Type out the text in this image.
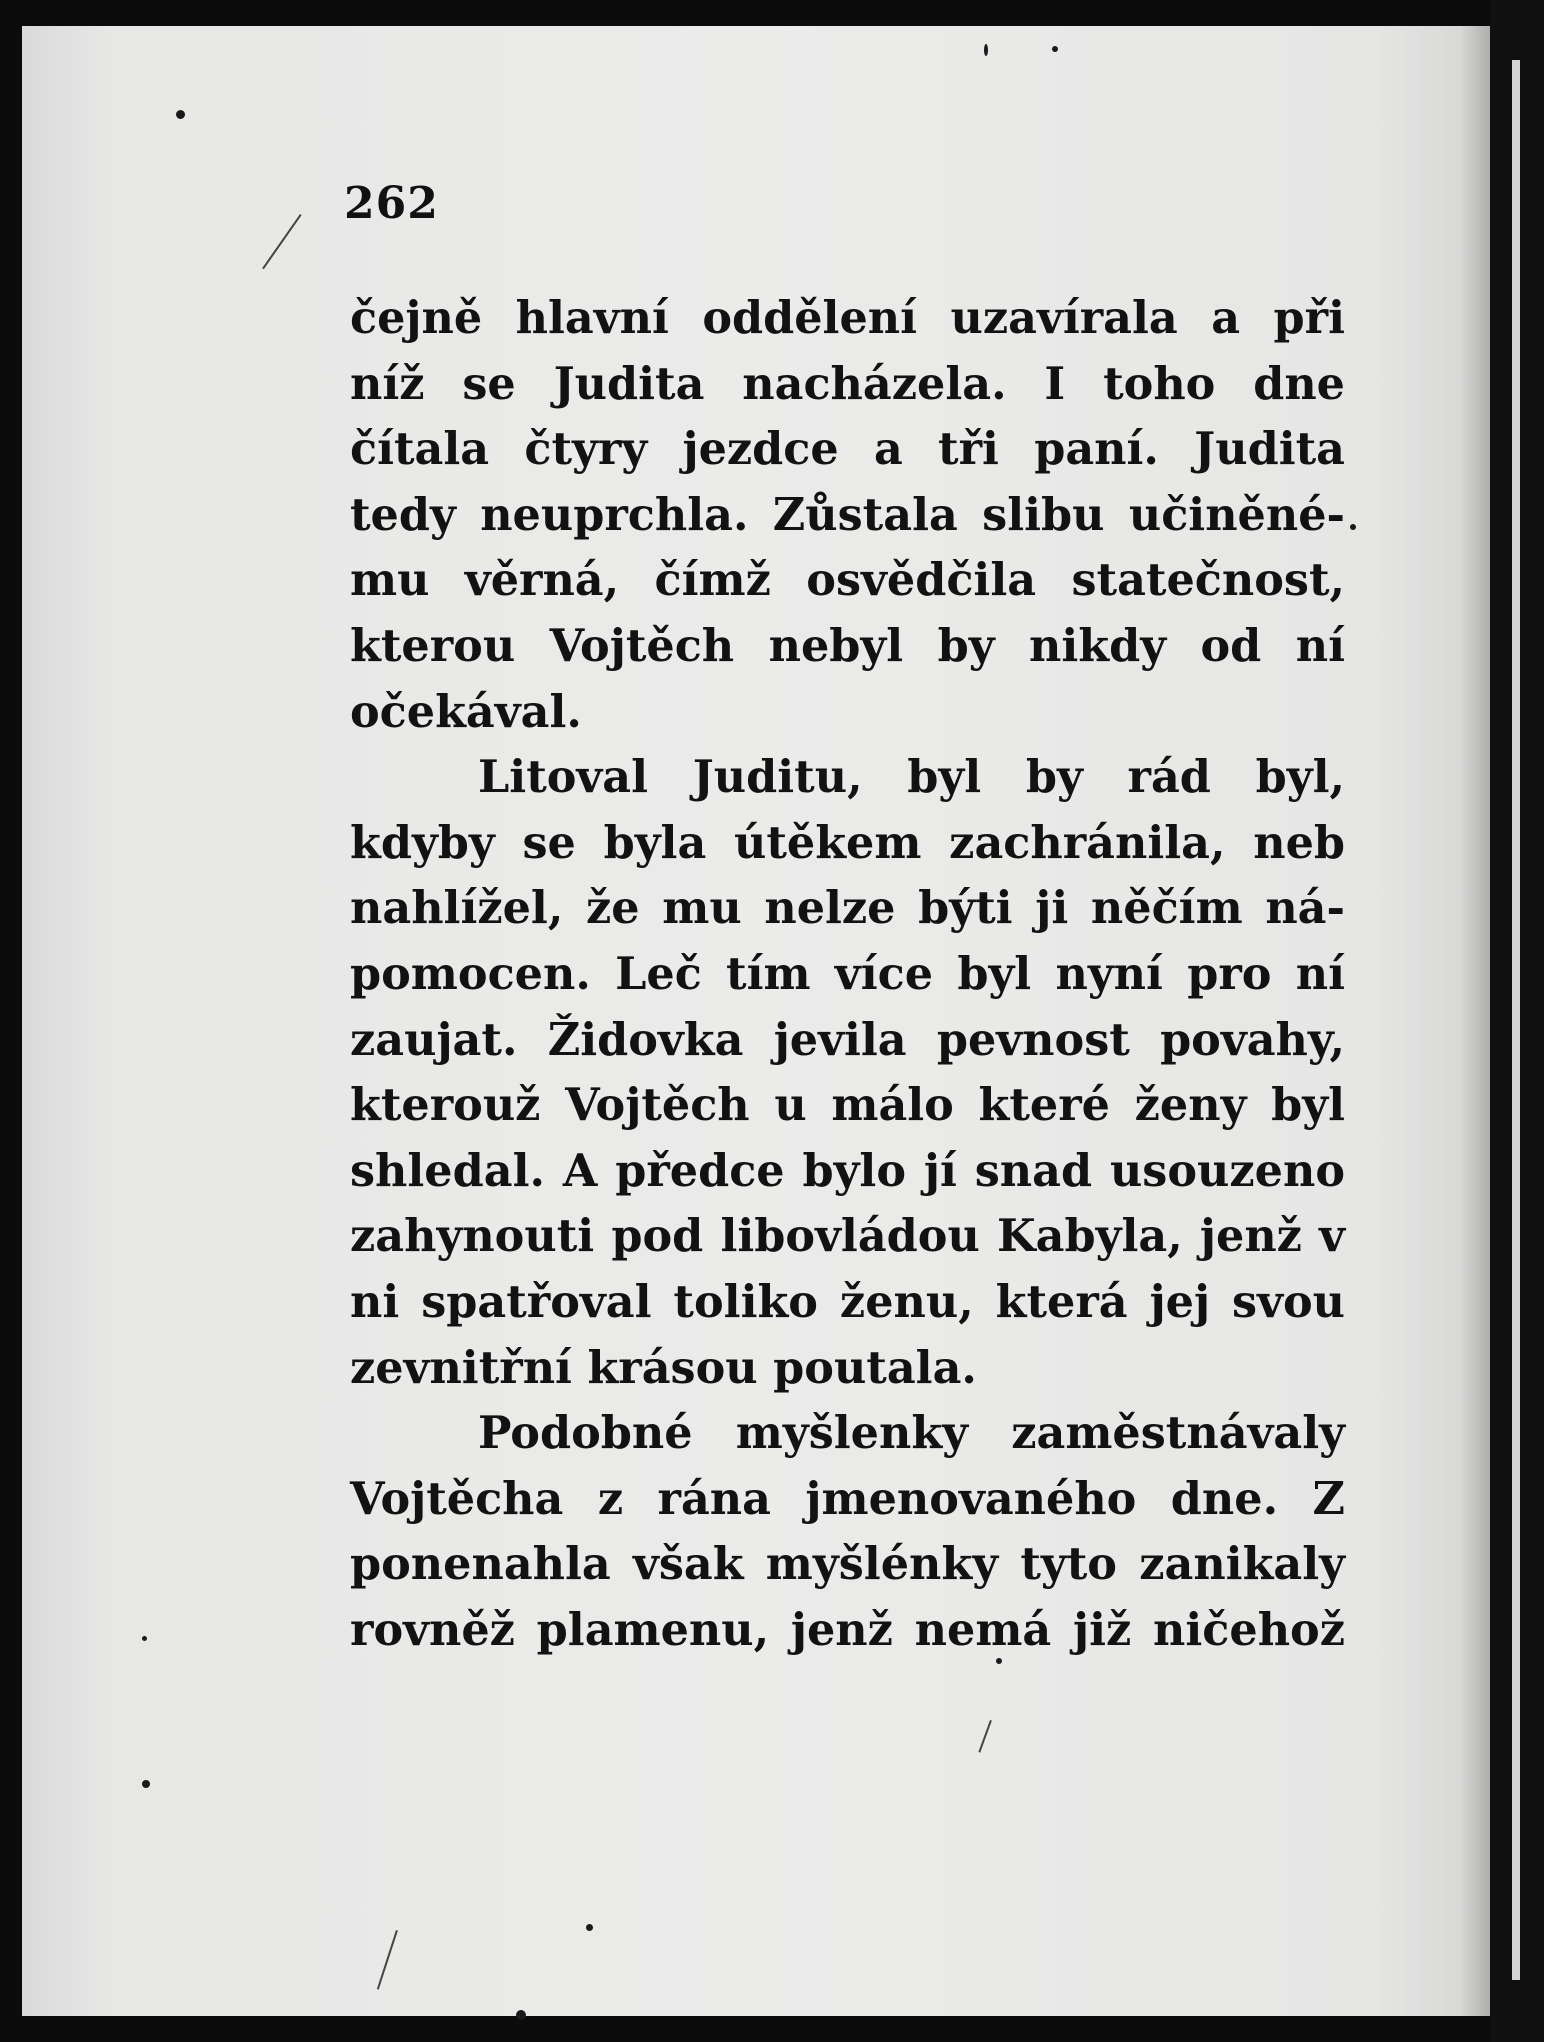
262
čejně hlavní oddělení uzavírala a při
níž se Judita nacházela. I toho dne
čítala čtyry jezdce a tři paní. Judita
tedy neuprchla. Zůstala slibu učiněné-
mu věrná, čímž osvědčila statečnost,
kterou Vojtěch nebyl by nikdy od ní
očekával.
Litoval Juditu, byl by rád byl,
kdyby se byla útěkem zachránila, neb
nahlížel, že mu nelze býti ji něčím ná-
pomocen. Leč tím více byl nyní pro ní
zaujat. Židovka jevila pevnost povahy,
kterouž Vojtěch u málo které ženy byl
shledal. A předce bylo jí snad usouzeno
zahynouti pod libovládou Kabyla, jenž v
ni spatřoval toliko ženu, která jej svou
zevnitřní krásou poutala.
Podobné myšlenky zaměstnávaly
Vojtěcha z rána jmenovaného dne. Z
ponenahla však myšlénky tyto zanikaly
rovněž plamenu, jenž nemá již ničehož
